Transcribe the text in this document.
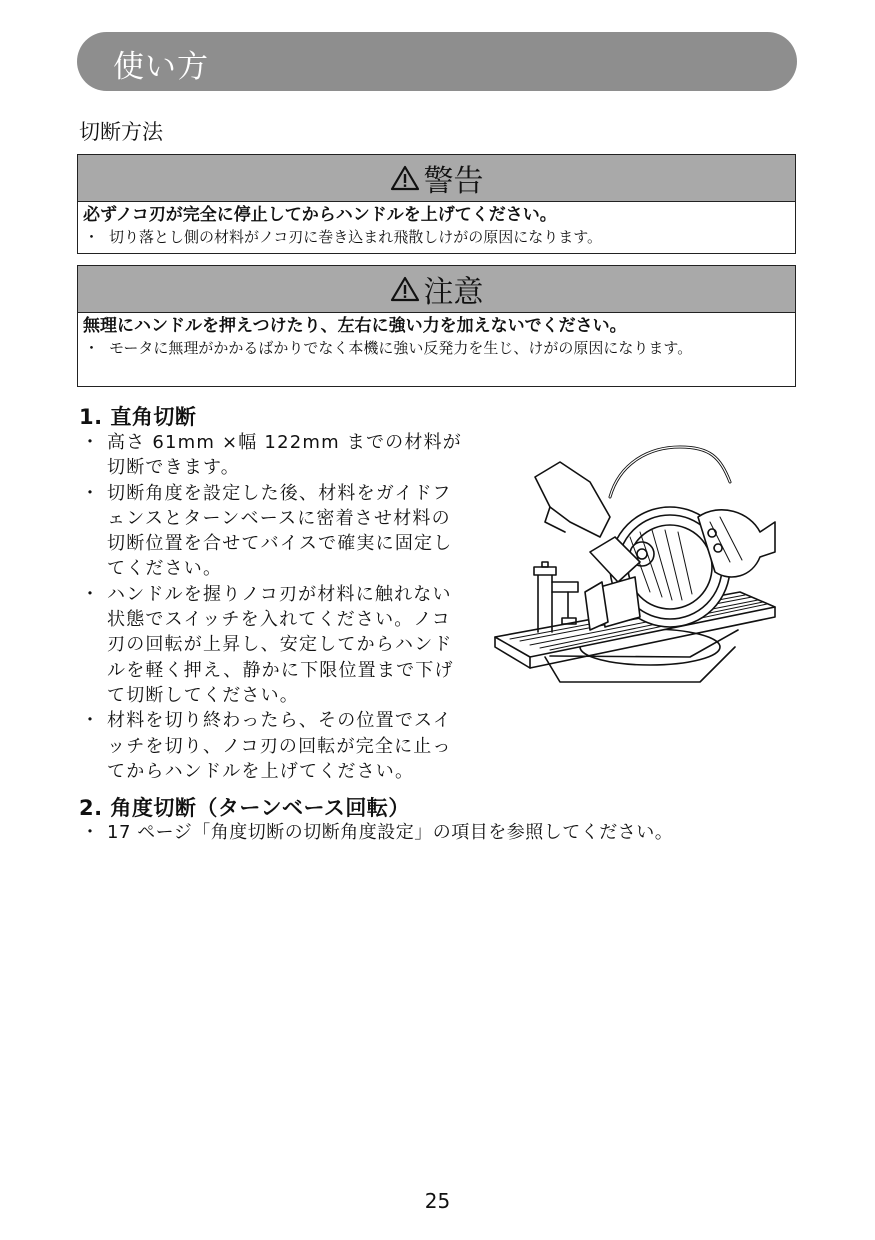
使い方
切断方法
警告
必ずノコ刃が完全に停止してからハンドルを上げてください。
・ 切り落とし側の材料がノコ刃に巻き込まれ飛散しけがの原因になります。
注意
無理にハンドルを押えつけたり、左右に強い力を加えないでください。
・ モータに無理がかかるばかりでなく本機に強い反発力を生じ、けがの原因になります。
1. 直角切断
・ 高さ 61mm ×幅 122mm までの材料が切断できます。
・ 切断角度を設定した後、材料をガイドフェンスとターンベースに密着させ材料の切断位置を合せてバイスで確実に固定してください。
・ ハンドルを握りノコ刃が材料に触れない状態でスイッチを入れてください。ノコ刃の回転が上昇し、安定してからハンドルを軽く押え、静かに下限位置まで下げて切断してください。
・ 材料を切り終わったら、その位置でスイッチを切り、ノコ刃の回転が完全に止ってからハンドルを上げてください。
2. 角度切断（ターンベース回転）
・ 17 ページ「角度切断の切断角度設定」の項目を参照してください。
25
